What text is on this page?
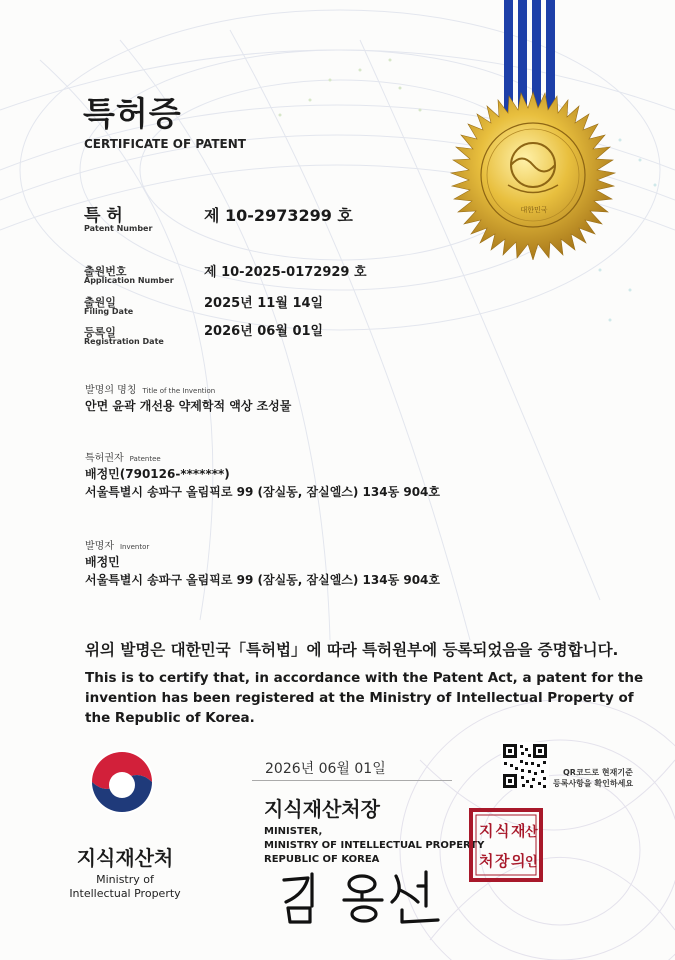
대한민국
특허증
CERTIFICATE OF PATENT
특 허
Patent Number
제 10-2973299 호
출원번호
Application Number
제 10-2025-0172929 호
출원일
Filing Date
2025년 11월 14일
등록일
Registration Date
2026년 06월 01일
발명의 명칭 Title of the Invention
안면 윤곽 개선용 약제학적 액상 조성물
특허권자 Patentee
배정민(790126-*******)
서울특별시 송파구 올림픽로 99 (잠실동, 잠실엘스) 134동 904호
발명자 Inventor
배정민
서울특별시 송파구 올림픽로 99 (잠실동, 잠실엘스) 134동 904호
위의 발명은 대한민국「특허법」에 따라 특허원부에 등록되었음을 증명합니다.
This is to certify that, in accordance with the Patent Act, a patent for the invention has been registered at the Ministry of Intellectual Property of the Republic of Korea.
지식재산처
Ministry of
Intellectual Property
2026년 06월 01일
지식재산처장
MINISTER,
MINISTRY OF INTELLECTUAL PROPERTY
REPUBLIC OF KOREA
QR코드로 현재기준
등록사항을 확인하세요
지 식 재 산
처 장 의 인
